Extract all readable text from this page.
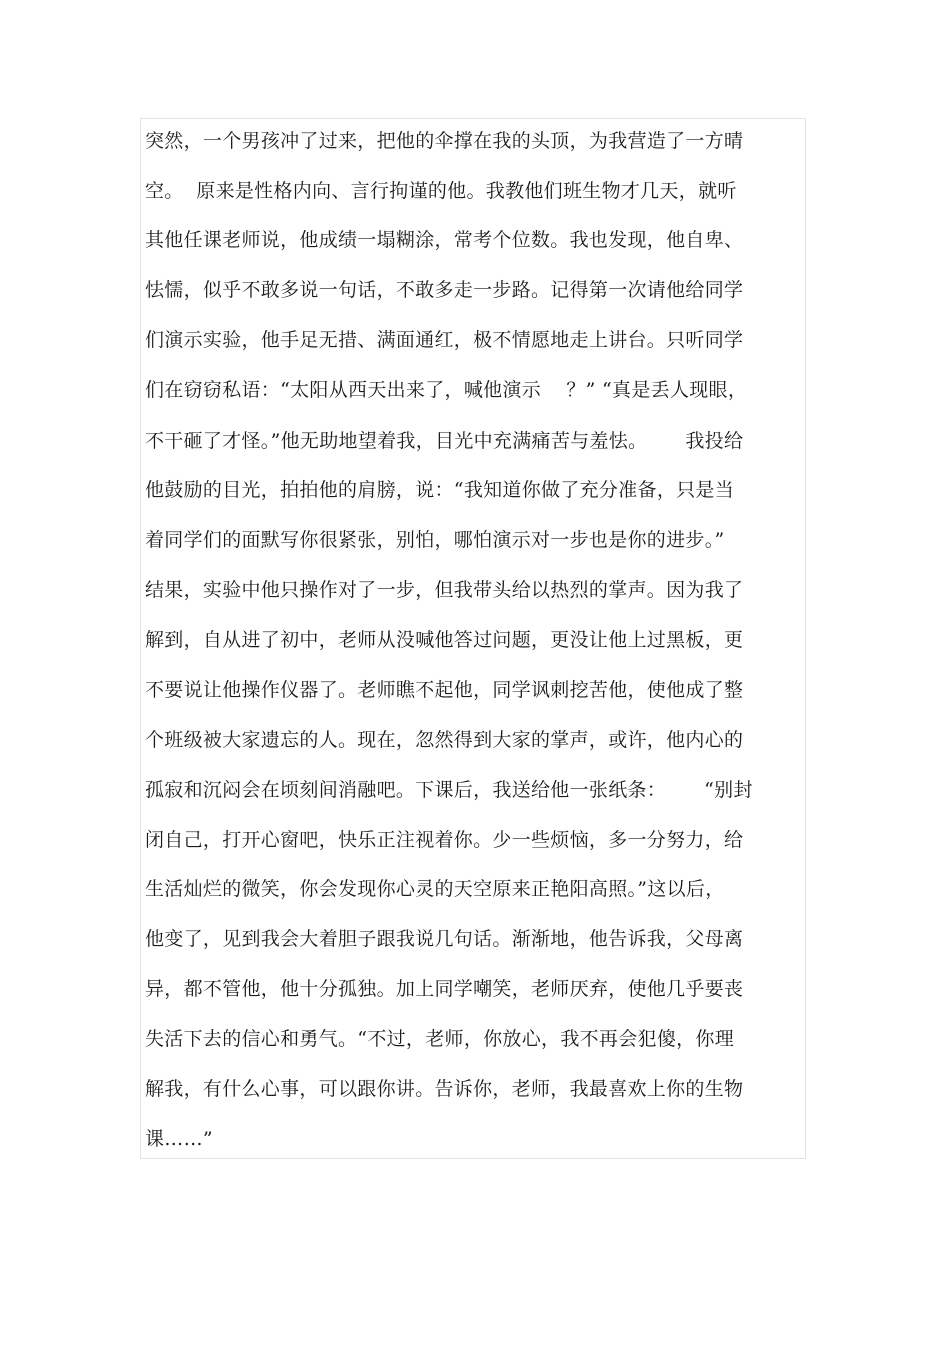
突然，一个男孩冲了过来，把他的伞撑在我的头顶，为我营造了一方晴
空。  原来是性格内向、言行拘谨的他。我教他们班生物才几天，就听
其他任课老师说，他成绩一塌糊涂，常考个位数。我也发现，他自卑、
怯懦，似乎不敢多说一句话，不敢多走一步路。记得第一次请他给同学
们演示实验，他手足无措、满面通红，极不情愿地走上讲台。只听同学
们在窃窃私语：“太阳从西天出来了，喊他演示    ？” “真是丢人现眼，
不干砸了才怪。”他无助地望着我，目光中充满痛苦与羞怯。      我投给
他鼓励的目光，拍拍他的肩膀，说：“我知道你做了充分准备，只是当
着同学们的面默写你很紧张，别怕，哪怕演示对一步也是你的进步。”
结果，实验中他只操作对了一步，但我带头给以热烈的掌声。因为我了
解到，自从进了初中，老师从没喊他答过问题，更没让他上过黑板，更
不要说让他操作仪器了。老师瞧不起他，同学讽刺挖苦他，使他成了整
个班级被大家遗忘的人。现在，忽然得到大家的掌声，或许，他内心的
孤寂和沉闷会在顷刻间消融吧。下课后，我送给他一张纸条：      “别封
闭自己，打开心窗吧，快乐正注视着你。少一些烦恼，多一分努力，给
生活灿烂的微笑，你会发现你心灵的天空原来正艳阳高照。”这以后，
他变了，见到我会大着胆子跟我说几句话。渐渐地，他告诉我，父母离
异，都不管他，他十分孤独。加上同学嘲笑，老师厌弃，使他几乎要丧
失活下去的信心和勇气。“不过，老师，你放心，我不再会犯傻，你理
解我，有什么心事，可以跟你讲。告诉你，老师，我最喜欢上你的生物
课……”
